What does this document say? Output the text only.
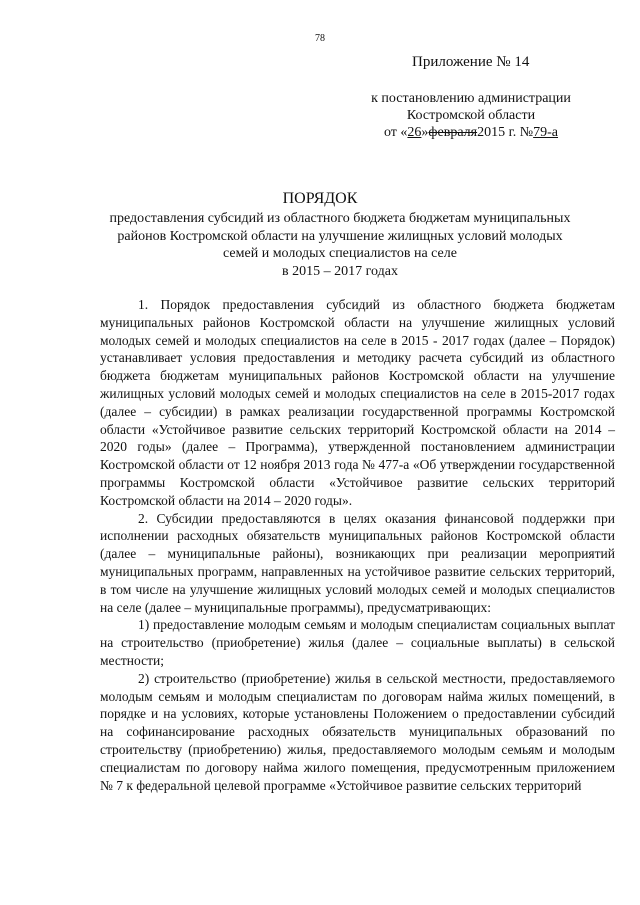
78
Приложение № 14
к постановлению администрации
Костромской области
от «26»февраля2015 г. №79-а
ПОРЯДОК
предоставления субсидий из областного бюджета бюджетам муниципальных
районов Костромской области на улучшение жилищных условий молодых
семей и молодых специалистов на селе
в 2015 – 2017 годах

1. Порядок предоставления субсидий из областного бюджета бюджетам муниципальных районов Костромской области на улучшение жилищных условий молодых семей и молодых специалистов на селе в 2015 - 2017 годах (далее – Порядок) устанавливает условия предоставления и методику расчета субсидий из областного бюджета бюджетам муниципальных районов Костромской области на улучшение жилищных условий молодых семей и молодых специалистов на селе в 2015-2017 годах (далее – субсидии) в рамках реализации государственной программы Костромской области «Устойчивое развитие сельских территорий Костромской области на 2014 – 2020 годы» (далее – Программа), утвержденной постановлением администрации Костромской области от 12 ноября 2013 года № 477-а «Об утверждении государственной программы Костромской области «Устойчивое развитие сельских территорий Костромской области на 2014 – 2020 годы».

2. Субсидии предоставляются в целях оказания финансовой поддержки при исполнении расходных обязательств муниципальных районов Костромской области (далее – муниципальные районы), возникающих при реализации мероприятий муниципальных программ, направленных на устойчивое развитие сельских территорий, в том числе на улучшение жилищных условий молодых семей и молодых специалистов на селе (далее – муниципальные программы), предусматривающих:

1) предоставление молодым семьям и молодым специалистам социальных выплат на строительство (приобретение) жилья (далее – социальные выплаты) в сельской местности;

2) строительство (приобретение) жилья в сельской местности, предоставляемого молодым семьям и молодым специалистам по договорам найма жилых помещений, в порядке и на условиях, которые установлены Положением о предоставлении субсидий на софинансирование расходных обязательств муниципальных образований по строительству (приобретению) жилья, предоставляемого молодым семьям и молодым специалистам по договору найма жилого помещения, предусмотренным приложением № 7 к федеральной целевой программе «Устойчивое развитие сельских территорий
